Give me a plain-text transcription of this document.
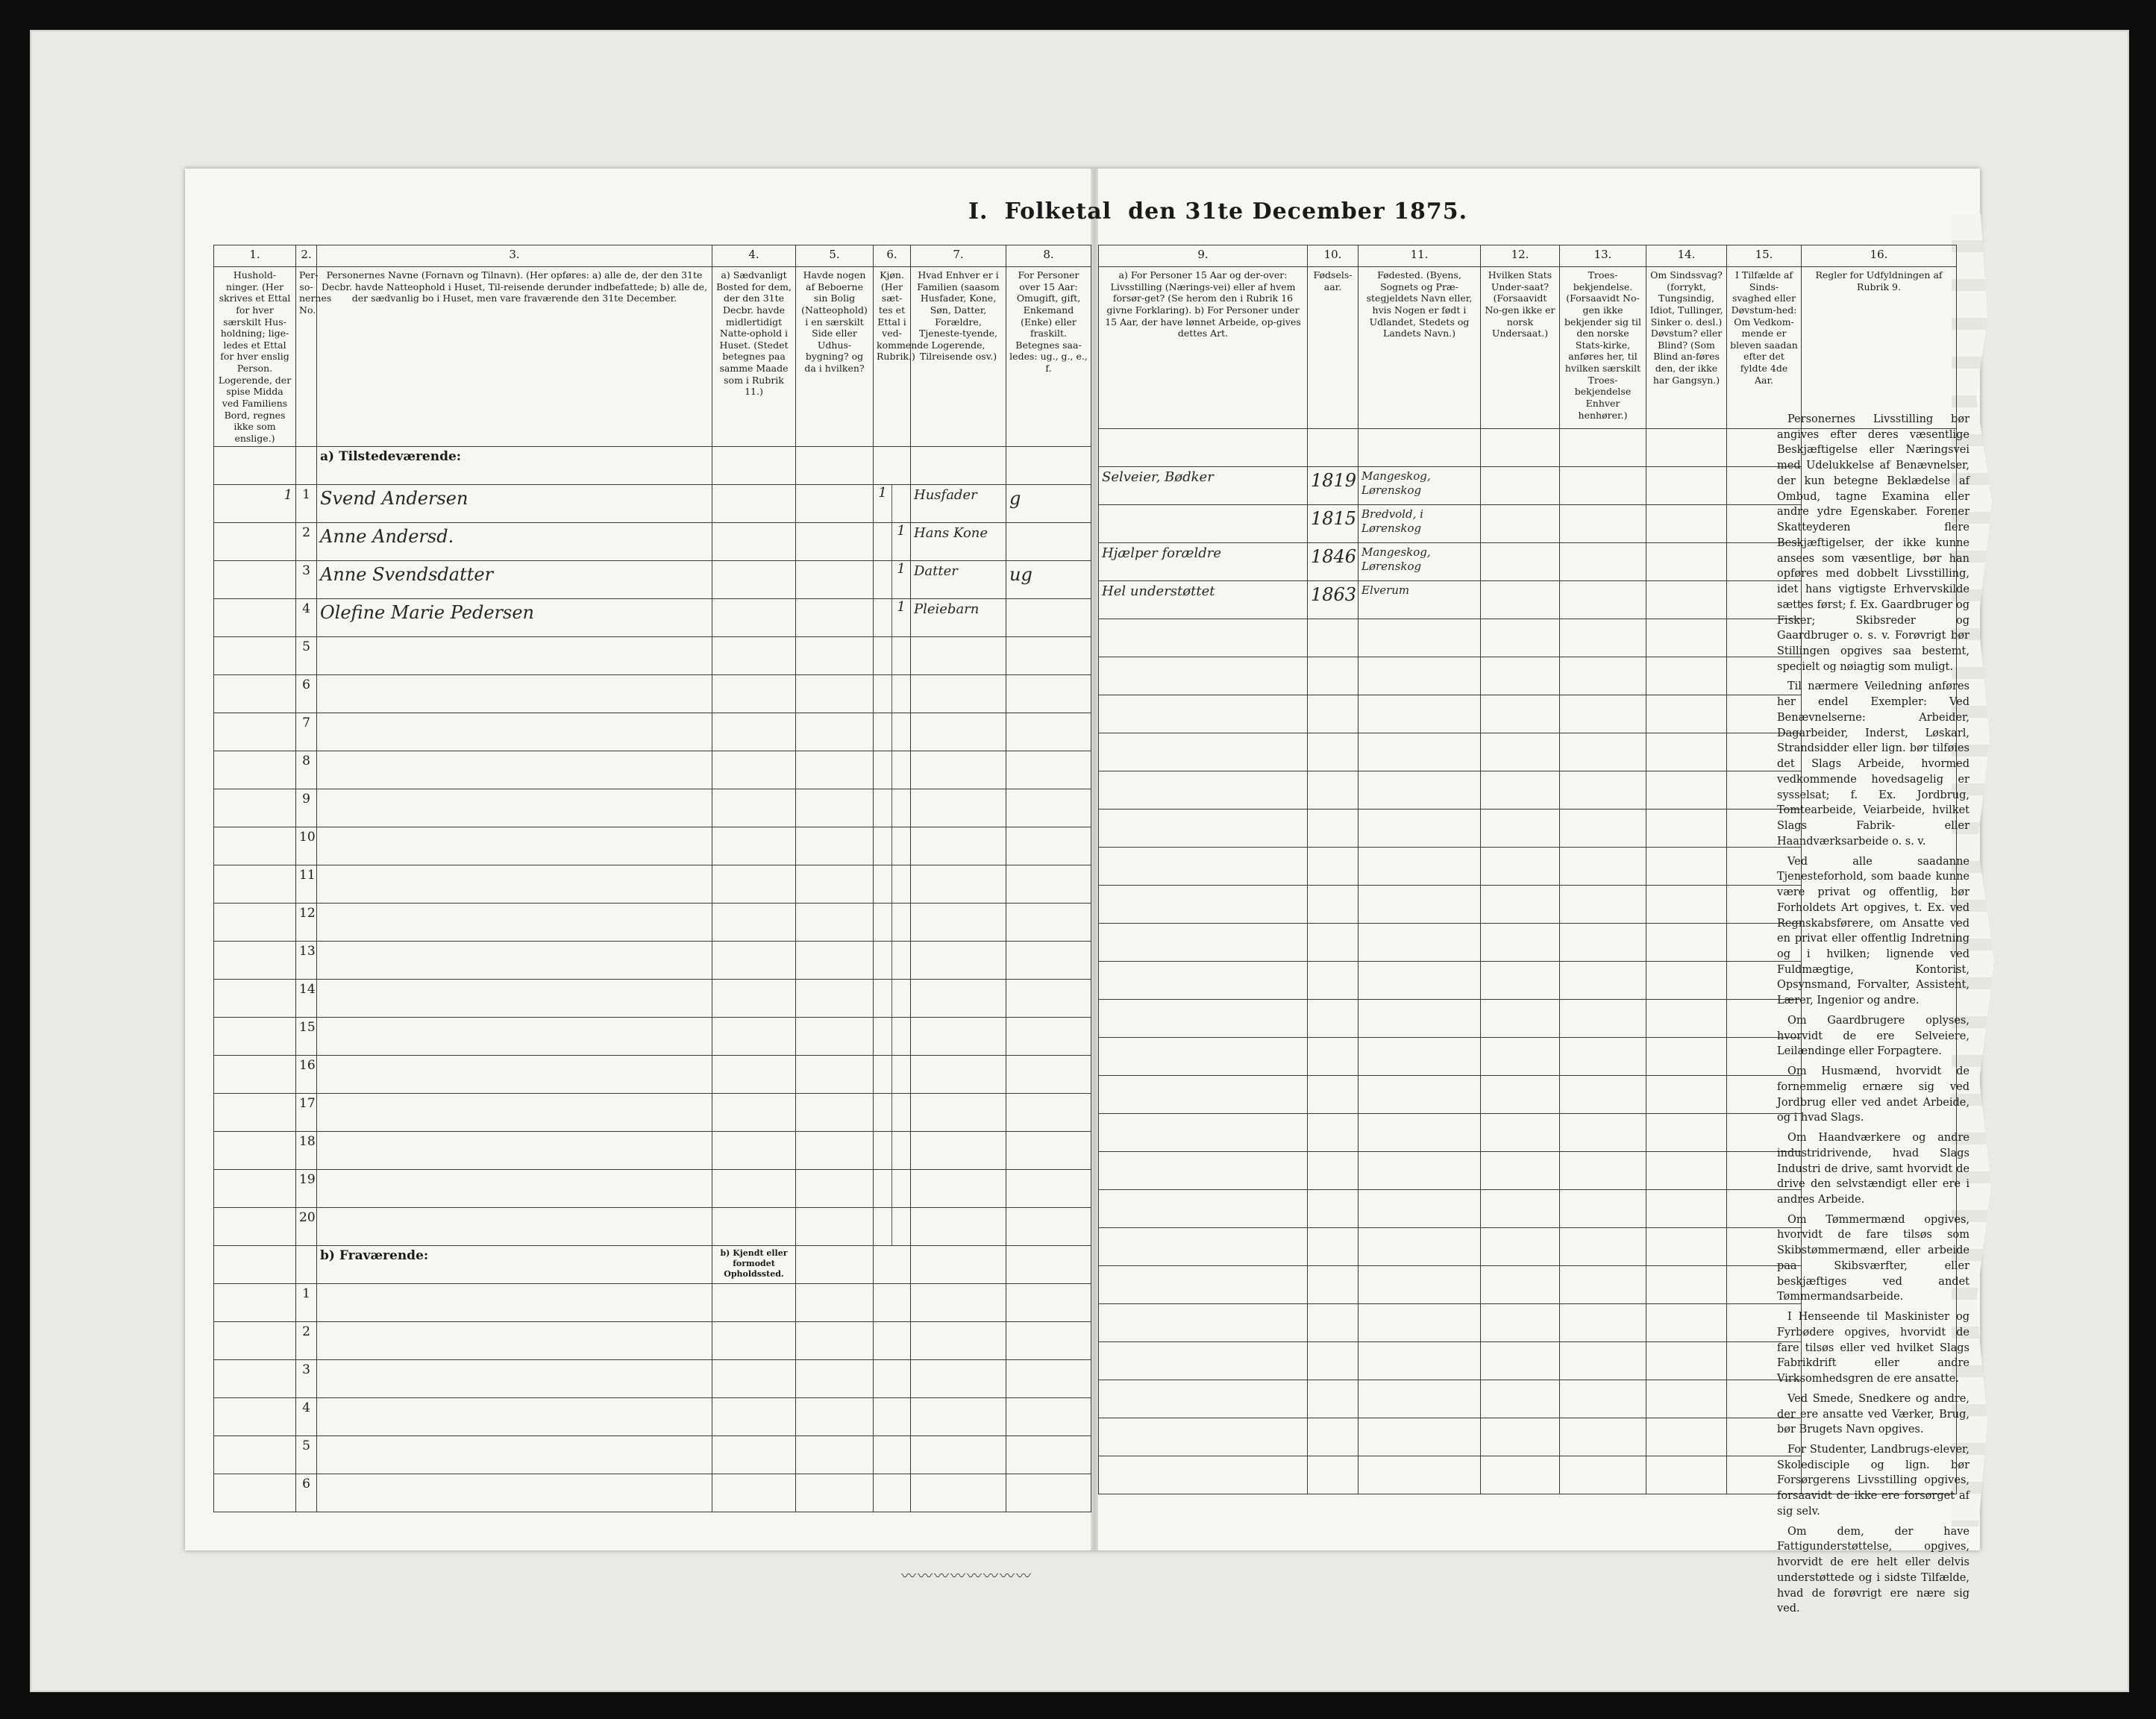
I. Folketal den 31te December 1875.
1.	2.	3.	4.	5.	6.	7.	8.
Hushold-ninger. (Her skrives et Ettal for hver særskilt Hus-holdning; lige-ledes et Ettal for hver enslig Person. Logerende, der spise Midda ved Familiens Bord, regnes ikke som enslige.)	Per-so-nernes No.	Personernes Navne (Fornavn og Tilnavn). (Her opføres: a) alle de, der den 31te Decbr. havde Natteophold i Huset, Til-reisende derunder indbefattede; b) alle de, der sædvanlig bo i Huset, men vare fraværende den 31te December.	a) Sædvanligt Bosted for dem, der den 31te Decbr. havde midlertidigt Natte-ophold i Huset. (Stedet betegnes paa samme Maade som i Rubrik 11.)	Havde nogen af Beboerne sin Bolig (Natteophold) i en særskilt Side eller Udhus-bygning? og da i hvilken?	Kjøn. (Her sæt-tes et Ettal i ved-kommende Rubrik.)	Hvad Enhver er i Familien (saasom Husfader, Kone, Søn, Datter, Forældre, Tjeneste-tyende, Logerende, Tilreisende osv.)	For Personer over 15 Aar: Omugift, gift, Enkemand (Enke) eller fraskilt. Betegnes saa-ledes: ug., g., e., f.
		a) Tilstedeværende:					
1	1	Svend Andersen			1	Husfader	g
	2	Anne Andersd.			1	Hans Kone	
	3	Anne Svendsdatter			1	Datter	ug
	4	Olefine Marie Pedersen			1	Pleiebarn	
	5				

	6				

	7				

	8				

	9				

	10				

	11				

	12				

	13				

	14				

	15				

	16				

	17				

	18				

	19				

	20				

		b) Fraværende:	b) Kjendt eller formodet Opholdssted.				
	1						
	2						
	3						
	4						
	5						
	6						
9.	10.	11.	12.	13.	14.	15.	16.
a) For Personer 15 Aar og der-over: Livsstilling (Nærings-vei) eller af hvem forsør-get? (Se herom den i Rubrik 16 givne Forklaring). b) For Personer under 15 Aar, der have lønnet Arbeide, op-gives dettes Art.	Fødsels-aar.	Fødested. (Byens, Sognets og Præ-stegjeldets Navn eller, hvis Nogen er født i Udlandet, Stedets og Landets Navn.)	Hvilken Stats Under-saat? (Forsaavidt No-gen ikke er norsk Undersaat.)	Troes-bekjendelse. (Forsaavidt No-gen ikke bekjender sig til den norske Stats-kirke, anføres her, til hvilken særskilt Troes-bekjendelse Enhver henhører.)	Om Sindssvag? (forrykt, Tungsindig, Idiot, Tullinger, Sinker o. desl.) Døvstum? eller Blind? (Som Blind an-føres den, der ikke har Gangsyn.)	I Tilfælde af Sinds-svaghed eller Døvstum-hed: Om Vedkom-mende er bleven saadan efter det fyldte 4de Aar.	Regler for Udfyldningen af Rubrik 9.

Selveier, Bødker	1819	Mangeskog, Lørenskog					
	1815	Bredvold, i Lørenskog					
Hjælper forældre	1846	Mangeskog, Lørenskog					
Hel understøttet	1863	Elverum					

Personernes Livsstilling bør angives efter deres væsentlige Beskjæftigelse eller Næringsvei med Udelukkelse af Benævnelser, der kun betegne Beklædelse af Ombud, tagne Examina eller andre ydre Egenskaber. Forener Skatteyderen flere Beskjæftigelser, der ikke kunne ansees som væsentlige, bør han opføres med dobbelt Livsstilling, idet hans vigtigste Erhvervskilde sættes først; f. Ex. Gaardbruger og Fisker; Skibsreder og Gaardbruger o. s. v. Forøvrigt bør Stillingen opgives saa bestemt, specielt og nøiagtig som muligt.

Til nærmere Veiledning anføres her endel Exempler: Ved Benævnelserne: Arbeider, Dagarbeider, Inderst, Løskarl, Strandsidder eller lign. bør tilføies det Slags Arbeide, hvormed vedkommende hovedsagelig er sysselsat; f. Ex. Jordbrug, Tomtearbeide, Veiarbeide, hvilket Slags Fabrik- eller Haandværksarbeide o. s. v.

Ved alle saadanne Tjenesteforhold, som baade kunne være privat og offentlig, bør Forholdets Art opgives, t. Ex. ved Regnskabsførere, om Ansatte ved en privat eller offentlig Indretning og i hvilken; lignende ved Fuldmægtige, Kontorist, Opsynsmand, Forvalter, Assistent, Lærer, Ingenior og andre.

Om Gaardbrugere oplyses, hvorvidt de ere Selveiere, Leilændinge eller Forpagtere.

Om Husmænd, hvorvidt de fornemmelig ernære sig ved Jordbrug eller ved andet Arbeide, og i hvad Slags.

Om Haandværkere og andre industridrivende, hvad Slags Industri de drive, samt hvorvidt de drive den selvstændigt eller ere i andres Arbeide.

Om Tømmermænd opgives, hvorvidt de fare tilsøs som Skibstømmermænd, eller arbeide paa Skibsværfter, eller beskjæftiges ved andet Tømmermandsarbeide.

I Henseende til Maskinister og Fyrbødere opgives, hvorvidt de fare tilsøs eller ved hvilket Slags Fabrikdrift eller andre Virksomhedsgren de ere ansatte.

Ved Smede, Snedkere og andre, der ere ansatte ved Værker, Brug, bør Brugets Navn opgives.

For Studenter, Landbrugs-elever, Skoledisciple og lign. bør Forsørgerens Livsstilling opgives, forsaavidt de ikke ere forsørget af sig selv.

Om dem, der have Fattigunderstøttelse, opgives, hvorvidt de ere helt eller delvis understøttede og i sidste Tilfælde, hvad de forøvrigt ere nære sig ved.

〰〰〰〰〰〰〰〰
